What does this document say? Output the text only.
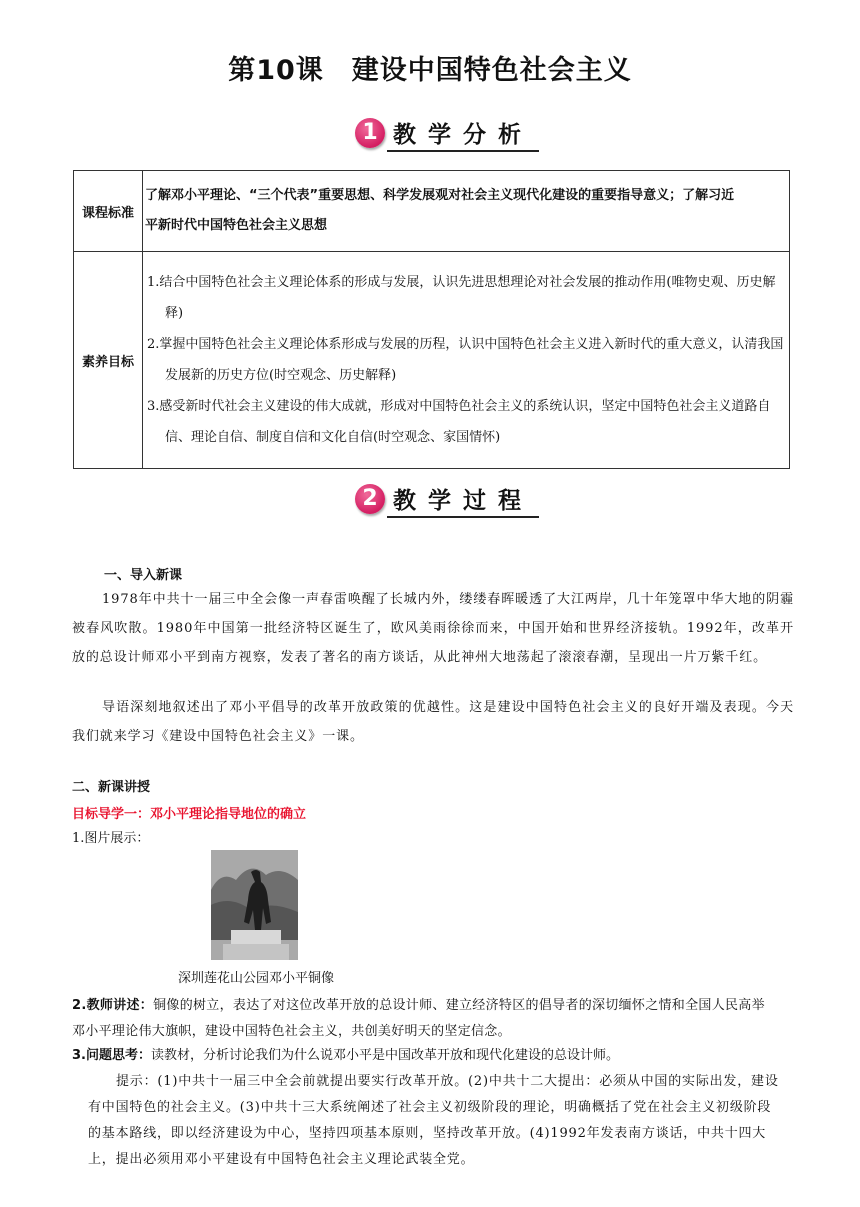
第10课　建设中国特色社会主义
1 教学分析
课程标准	了解邓小平理论、“三个代表”重要思想、科学发展观对社会主义现代化建设的重要指导意义；了解习近
平新时代中国特色社会主义思想

素养目标	1.结合中国特色社会主义理论体系的形成与发展，认识先进思想理论对社会发展的推动作用(唯物史观、历史解释)
2.掌握中国特色社会主义理论体系形成与发展的历程，认识中国特色社会主义进入新时代的重大意义，认清我国发展新的历史方位(时空观念、历史解释)
3.感受新时代社会主义建设的伟大成就，形成对中国特色社会主义的系统认识，坚定中国特色社会主义道路自信、理论自信、制度自信和文化自信(时空观念、家国情怀)
2 教学过程
一、导入新课
1978年中共十一届三中全会像一声春雷唤醒了长城内外，缕缕春晖暖透了大江两岸，几十年笼罩中华大地的阴霾被春风吹散。1980年中国第一批经济特区诞生了，欧风美雨徐徐而来，中国开始和世界经济接轨。1992年，改革开放的总设计师邓小平到南方视察，发表了著名的南方谈话，从此神州大地荡起了滚滚春潮，呈现出一片万紫千红。
导语深刻地叙述出了邓小平倡导的改革开放政策的优越性。这是建设中国特色社会主义的良好开端及表现。今天我们就来学习《建设中国特色社会主义》一课。
二、新课讲授
目标导学一：邓小平理论指导地位的确立
1.图片展示：
深圳莲花山公园邓小平铜像
2.教师讲述：铜像的树立，表达了对这位改革开放的总设计师、建立经济特区的倡导者的深切缅怀之情和全国人民高举邓小平理论伟大旗帜，建设中国特色社会主义，共创美好明天的坚定信念。
3.问题思考：读教材，分析讨论我们为什么说邓小平是中国改革开放和现代化建设的总设计师。
提示：(1)中共十一届三中全会前就提出要实行改革开放。(2)中共十二大提出：必须从中国的实际出发，建设有中国特色的社会主义。(3)中共十三大系统阐述了社会主义初级阶段的理论，明确概括了党在社会主义初级阶段的基本路线，即以经济建设为中心，坚持四项基本原则，坚持改革开放。(4)1992年发表南方谈话，中共十四大上，提出必须用邓小平建设有中国特色社会主义理论武装全党。
